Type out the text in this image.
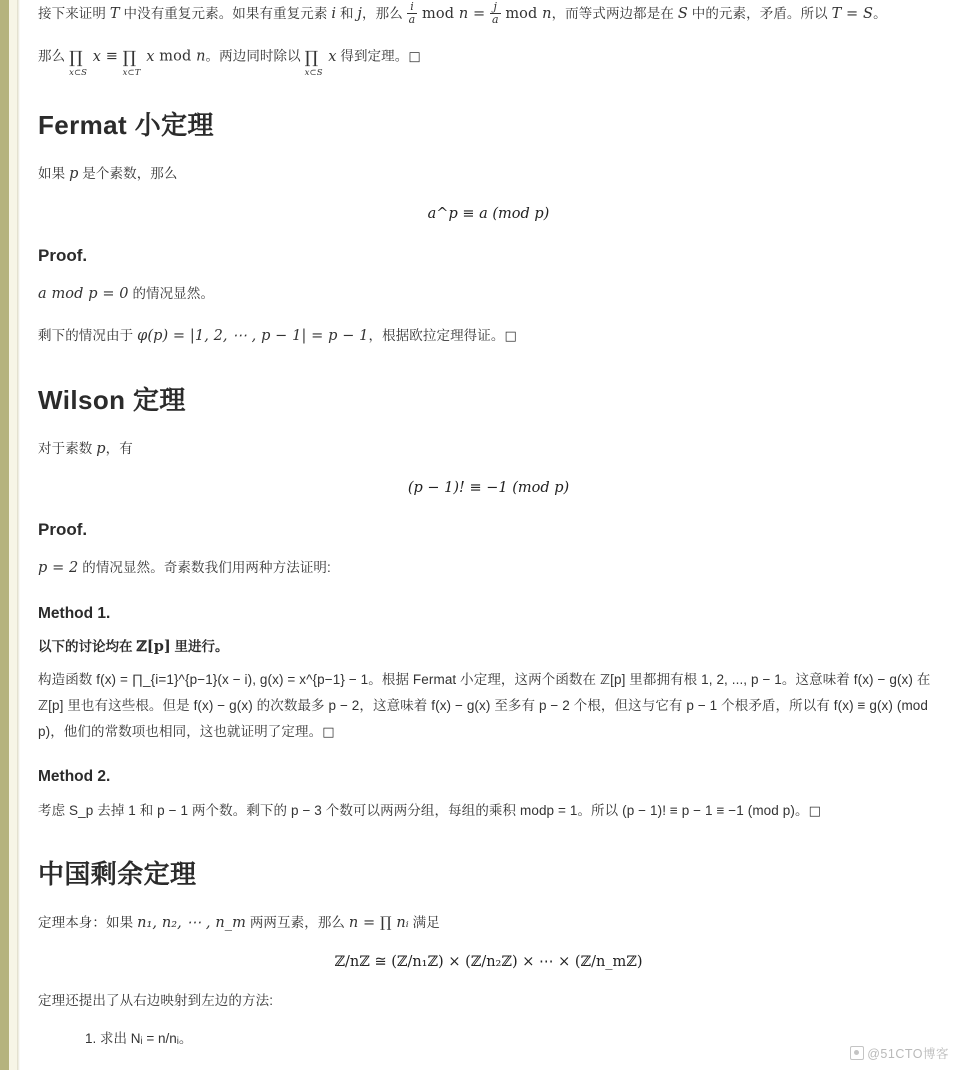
接下来证明 T 中没有重复元素。如果有重复元素 i 和 j，那么 $\frac{i}{a}$ mod $n = \frac{j}{a}$ mod n，而等式两边都是在 S 中的元素，矛盾。所以 T = S。

那么 ∏
x⊂S
x ≡ ∏
x⊂T
x mod n。两边同时除以 ∏
x⊂S
x 得到定理。□

Fermat 小定理

如果 p 是个素数，那么

a^p ≡ a (mod p)
Proof.

a mod p = 0 的情况显然。

剩下的情况由于 φ(p) = |1, 2, ⋯ , p − 1| = p − 1，根据欧拉定理得证。□

Wilson 定理

对于素数 p，有

(p − 1)! ≡ −1 (mod p)
Proof.

p = 2 的情况显然。奇素数我们用两种方法证明:

Method 1.

以下的讨论均在 ℤ[p] 里进行。

构造函数 f(x) = ∏_{i=1}^{p−1}(x − i), g(x) = x^{p−1} − 1。根据 Fermat 小定理，这两个函数在 ℤ[p] 里都拥有根 1, 2, ..., p − 1。这意味着 f(x) − g(x) 在 ℤ[p] 里也有这些根。但是 f(x) − g(x) 的次数最多 p − 2，这意味着 f(x) − g(x) 至多有 p − 2 个根，但这与它有 p − 1 个根矛盾，所以有 f(x) ≡ g(x) (mod p)，他们的常数项也相同，这也就证明了定理。□

Method 2.

考虑 S_p 去掉 1 和 p − 1 两个数。剩下的 p − 3 个数可以两两分组，每组的乘积 modp = 1。所以 (p − 1)! ≡ p − 1 ≡ −1 (mod p)。□

中国剩余定理

定理本身：如果 n₁, n₂, ⋯ , n_m 两两互素，那么 n = ∏ nᵢ 满足

ℤ/nℤ ≅ (ℤ/n₁ℤ) × (ℤ/n₂ℤ) × ⋯ × (ℤ/n_mℤ)

定理还提出了从右边映射到左边的方法:

1. 求出 Nᵢ = n/nᵢ。
@51CTO博客
